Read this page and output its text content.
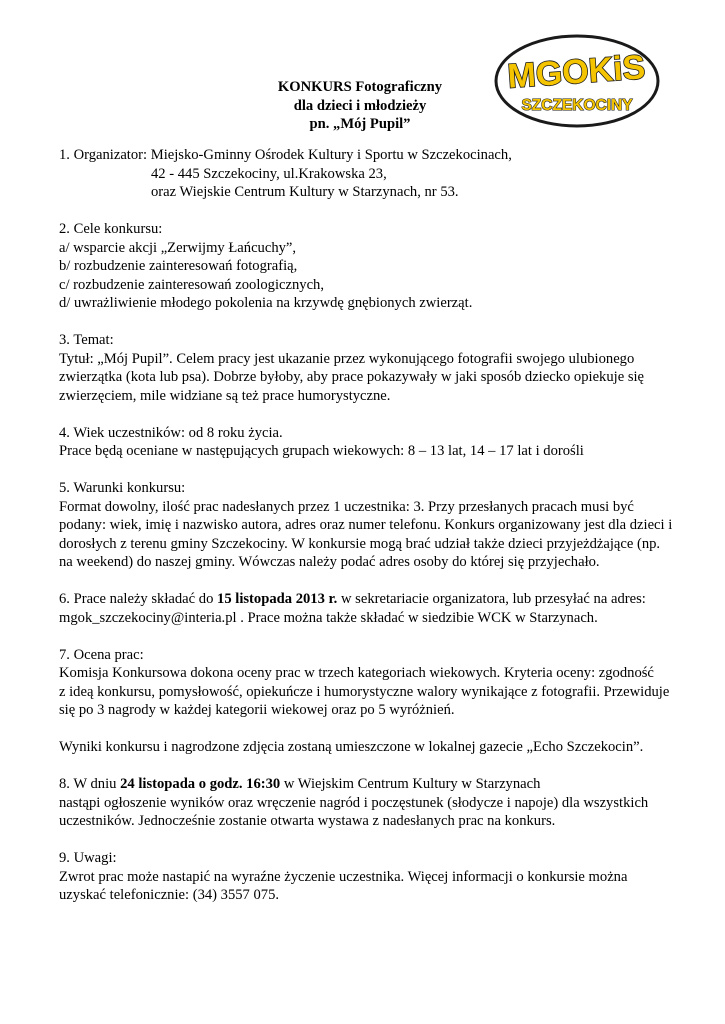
MGOKiS
SZCZEKOCINY
KONKURS Fotograficzny
dla dzieci i młodzieży
pn. „Mój Pupil”
1. Organizator: Miejsko-Gminny Ośrodek Kultury i Sportu w Szczekocinach,
42 - 445 Szczekociny, ul.Krakowska 23,
oraz Wiejskie Centrum Kultury w Starzynach, nr 53.
2. Cele konkursu:
a/ wsparcie akcji „Zerwijmy Łańcuchy”,
b/ rozbudzenie zainteresowań fotografią,
c/ rozbudzenie zainteresowań zoologicznych,
d/ uwrażliwienie młodego pokolenia na krzywdę gnębionych zwierząt.
3. Temat:
Tytuł: „Mój Pupil”. Celem pracy jest ukazanie przez wykonującego fotografii swojego ulubionego
zwierzątka (kota lub psa). Dobrze byłoby, aby prace pokazywały w jaki sposób dziecko opiekuje się
zwierzęciem, mile widziane są też prace humorystyczne.
4. Wiek uczestników: od 8 roku życia.
Prace będą oceniane w następujących grupach wiekowych: 8 – 13 lat, 14 – 17 lat i dorośli
5. Warunki konkursu:
Format dowolny, ilość prac nadesłanych przez 1 uczestnika: 3. Przy przesłanych pracach musi być
podany: wiek, imię i nazwisko autora, adres oraz numer telefonu. Konkurs organizowany jest dla dzieci i
dorosłych z terenu gminy Szczekociny. W konkursie mogą brać udział także dzieci przyjeżdżające (np.
na weekend) do naszej gminy. Wówczas należy podać adres osoby do której się przyjechało.
6. Prace należy składać do 15 listopada 2013 r. w sekretariacie organizatora, lub przesyłać na adres:
mgok_szczekociny@interia.pl . Prace można także składać w siedzibie WCK w Starzynach.
7. Ocena prac:
Komisja Konkursowa dokona oceny prac w trzech kategoriach wiekowych. Kryteria oceny: zgodność
z ideą konkursu, pomysłowość, opiekuńcze i humorystyczne walory wynikające z fotografii. Przewiduje
się po 3 nagrody w każdej kategorii wiekowej oraz po 5 wyróżnień.
Wyniki konkursu i nagrodzone zdjęcia zostaną umieszczone w lokalnej gazecie „Echo Szczekocin”.
8. W dniu 24 listopada o godz. 16:30 w Wiejskim Centrum Kultury w Starzynach
nastąpi ogłoszenie wyników oraz wręczenie nagród i poczęstunek (słodycze i napoje) dla wszystkich
uczestników. Jednocześnie zostanie otwarta wystawa z nadesłanych prac na konkurs.
9. Uwagi:
Zwrot prac może nastapić na wyraźne życzenie uczestnika. Więcej informacji o konkursie można
uzyskać telefonicznie: (34) 3557 075.
